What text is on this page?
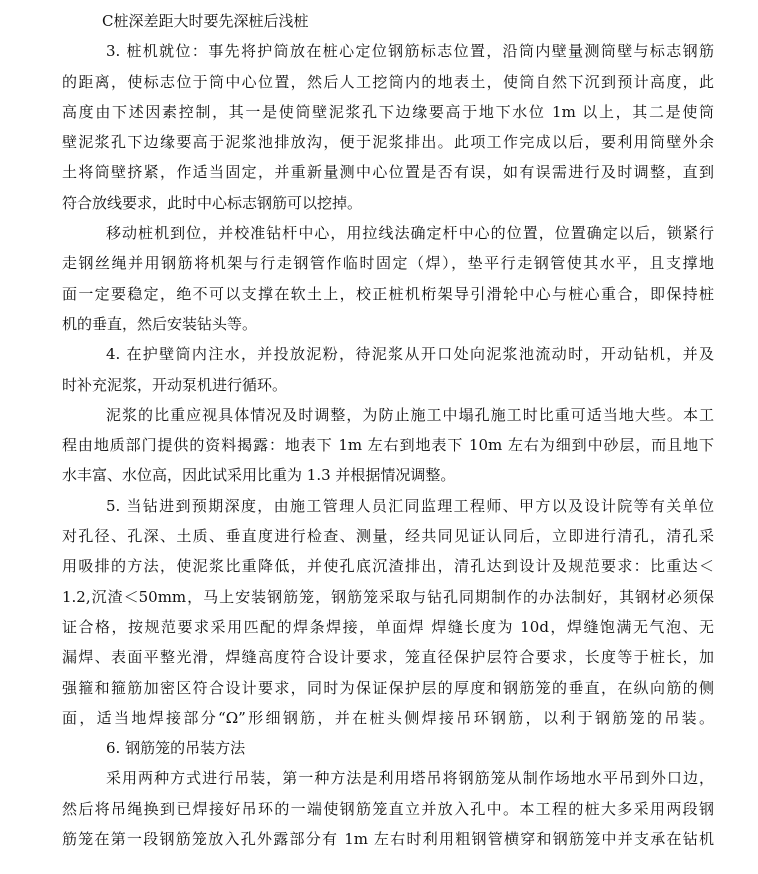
C桩深差距大时要先深桩后浅桩
3. 桩机就位：事先将护筒放在桩心定位钢筋标志位置，沿筒内壁量测筒壁与标志钢筋
的距离，使标志位于筒中心位置，然后人工挖筒内的地表土，使筒自然下沉到预计高度，此
高度由下述因素控制，其一是使筒壁泥浆孔下边缘要高于地下水位 1m 以上，其二是使筒
壁泥浆孔下边缘要高于泥浆池排放沟，便于泥浆排出。此项工作完成以后，要利用筒壁外余
土将筒壁挤紧，作适当固定，并重新量测中心位置是否有误，如有误需进行及时调整，直到
符合放线要求，此时中心标志钢筋可以挖掉。
移动桩机到位，并校准钻杆中心，用拉线法确定杆中心的位置，位置确定以后，锁紧行
走钢丝绳并用钢筋将机架与行走钢管作临时固定（焊），垫平行走钢管使其水平，且支撑地
面一定要稳定，绝不可以支撑在软土上，校正桩机桁架导引滑轮中心与桩心重合，即保持桩
机的垂直，然后安装钻头等。
4. 在护壁筒内注水，并投放泥粉，待泥浆从开口处向泥浆池流动时，开动钻机，并及
时补充泥浆，开动泵机进行循环。
泥浆的比重应视具体情况及时调整，为防止施工中塌孔施工时比重可适当地大些。本工
程由地质部门提供的资料揭露：地表下 1m 左右到地表下 10m 左右为细到中砂层，而且地下
水丰富、水位高，因此试采用比重为 1.3 并根据情况调整。
5. 当钻进到预期深度，由施工管理人员汇同监理工程师、甲方以及设计院等有关单位
对孔径、孔深、土质、垂直度进行检查、测量，经共同见证认同后，立即进行清孔，清孔采
用吸排的方法，使泥浆比重降低，并使孔底沉渣排出，清孔达到设计及规范要求：比重达＜
1.2,沉渣＜50mm，马上安装钢筋笼，钢筋笼采取与钻孔同期制作的办法制好，其钢材必须保
证合格，按规范要求采用匹配的焊条焊接，单面焊 焊缝长度为 10d，焊缝饱满无气泡、无
漏焊、表面平整光滑，焊缝高度符合设计要求，笼直径保护层符合要求，长度等于桩长，加
强箍和箍筋加密区符合设计要求，同时为保证保护层的厚度和钢筋笼的垂直，在纵向筋的侧
面，适当地焊接部分“Ω”形细钢筋，并在桩头侧焊接吊环钢筋，以利于钢筋笼的吊装。
6. 钢筋笼的吊装方法
采用两种方式进行吊装，第一种方法是利用塔吊将钢筋笼从制作场地水平吊到外口边，
然后将吊绳换到已焊接好吊环的一端使钢筋笼直立并放入孔中。本工程的桩大多采用两段钢
筋笼在第一段钢筋笼放入孔外露部分有 1m 左右时利用粗钢管横穿和钢筋笼中并支承在钻机
